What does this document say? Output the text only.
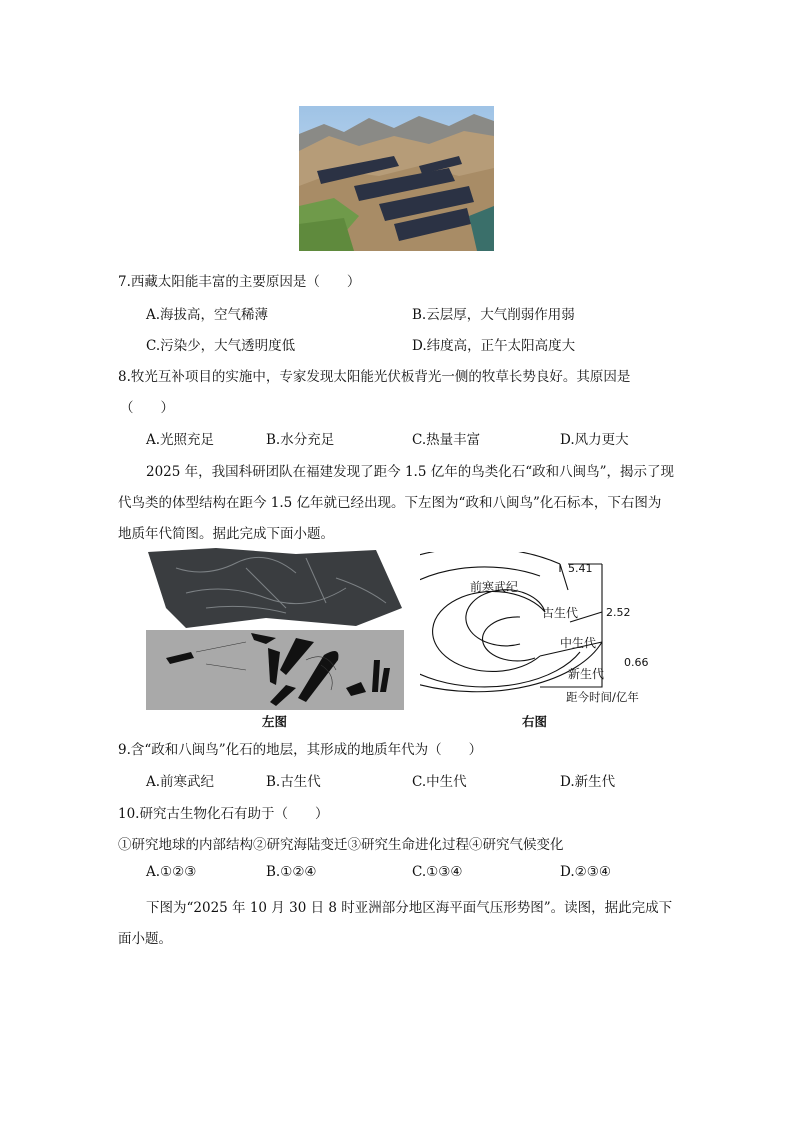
7.西藏太阳能丰富的主要原因是（　　）
A.海拔高，空气稀薄	B.云层厚，大气削弱作用弱
C.污染少，大气透明度低	D.纬度高，正午太阳高度大
8.牧光互补项目的实施中，专家发现太阳能光伏板背光一侧的牧草长势良好。其原因是
（　　）
A.光照充足	B.水分充足	C.热量丰富	D.风力更大
2025 年，我国科研团队在福建发现了距今 1.5 亿年的鸟类化石“政和八闽鸟”，揭示了现
代鸟类的体型结构在距今 1.5 亿年就已经出现。下左图为“政和八闽鸟”化石标本，下右图为
地质年代简图。据此完成下面小题。
左图
前寒武纪
古生代
中生代
新生代
5.41
2.52
0.66
距今时间/亿年
右图
9.含“政和八闽鸟”化石的地层，其形成的地质年代为（　　）
A.前寒武纪	B.古生代	C.中生代	D.新生代
10.研究古生物化石有助于（　　）
①研究地球的内部结构②研究海陆变迁③研究生命进化过程④研究气候变化
A.①②③	B.①②④	C.①③④	D.②③④
下图为“2025 年 10 月 30 日 8 时亚洲部分地区海平面气压形势图”。读图，据此完成下
面小题。
